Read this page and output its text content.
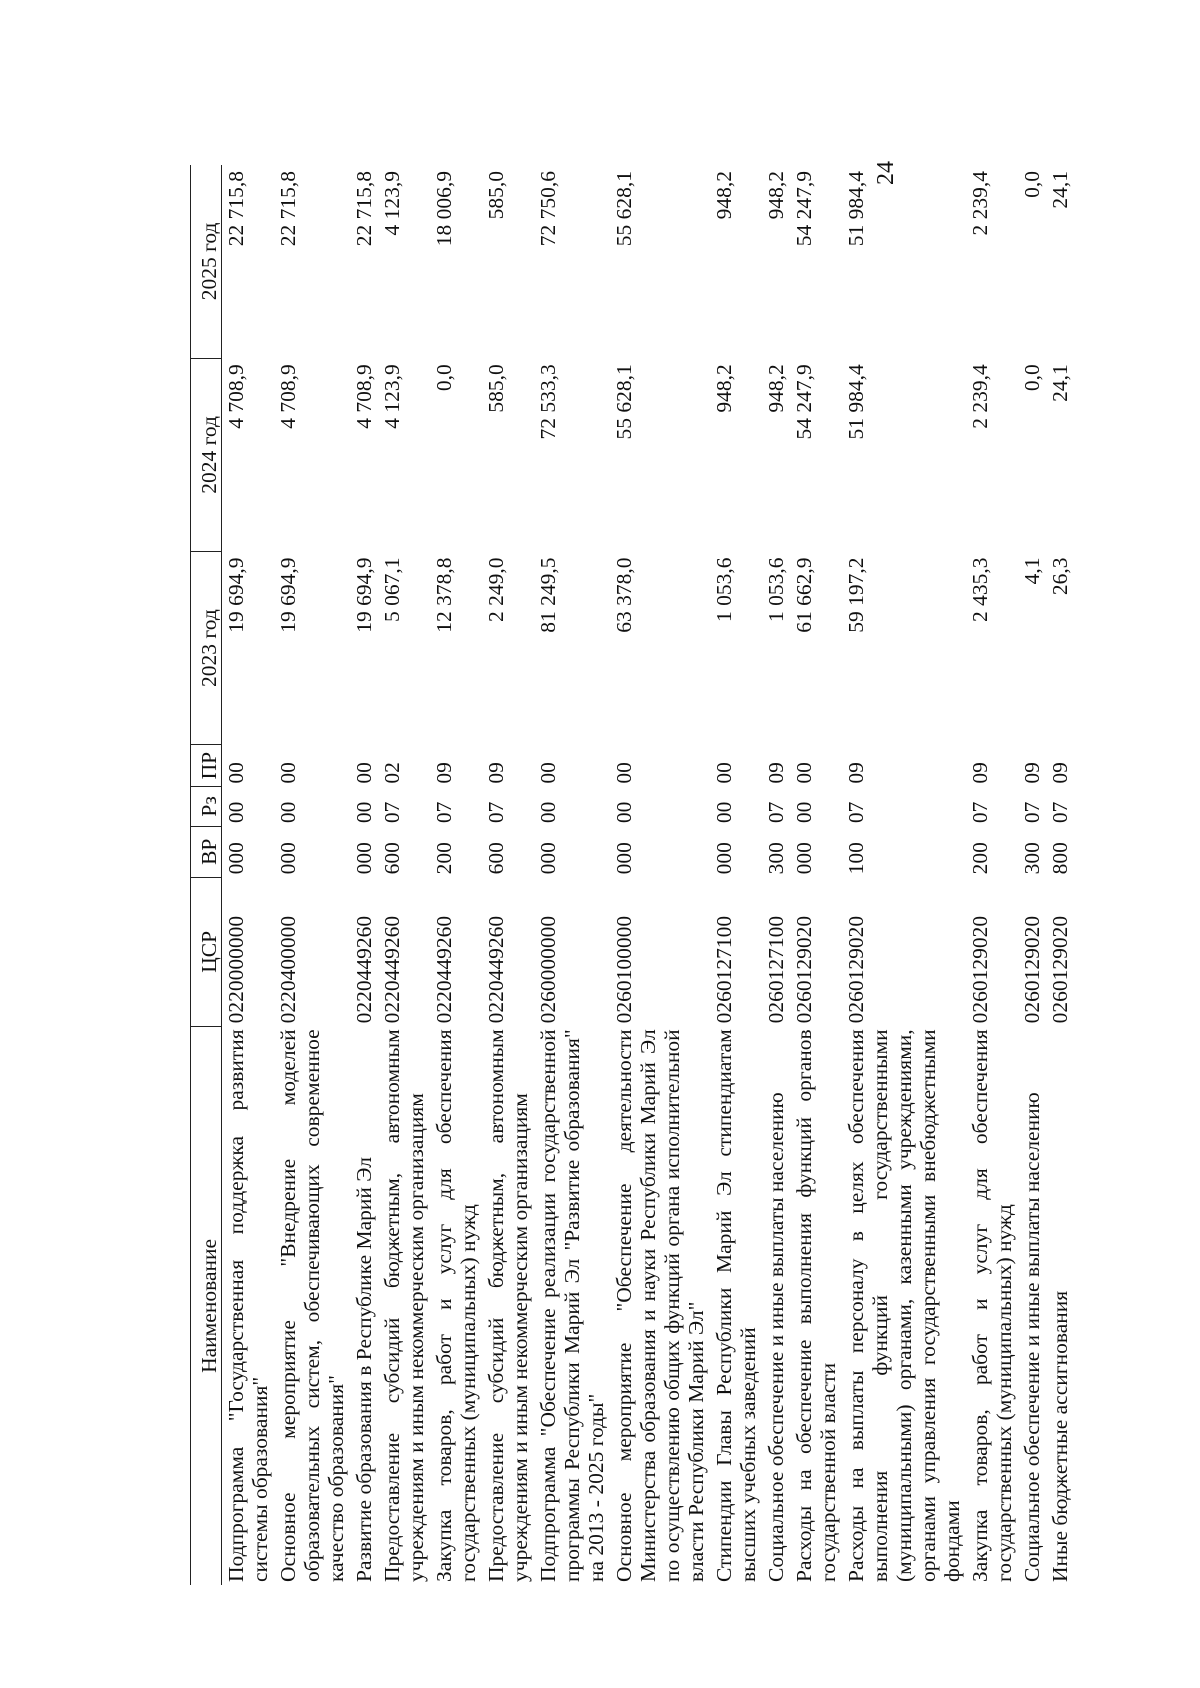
24
Наименование	ЦСР	ВР	Рз	ПР	2023 год	2024 год	2025 год
Подпрограмма "Государственная поддержка развития системы образования"	0220000000	000	00	00	19 694,9	4 708,9	22 715,8
Основное мероприятие "Внедрение моделей образовательных систем, обеспечивающих современное качество образования"	0220400000	000	00	00	19 694,9	4 708,9	22 715,8
Развитие образования в Республике Марий Эл	0220449260	000	00	00	19 694,9	4 708,9	22 715,8
Предоставление субсидий бюджетным, автономным учреждениям и иным некоммерческим организациям	0220449260	600	07	02	5 067,1	4 123,9	4 123,9
Закупка товаров, работ и услуг для обеспечения государственных (муниципальных) нужд	0220449260	200	07	09	12 378,8	0,0	18 006,9
Предоставление субсидий бюджетным, автономным учреждениям и иным некоммерческим организациям	0220449260	600	07	09	2 249,0	585,0	585,0
Подпрограмма "Обеспечение реализации государственной программы Республики Марий Эл "Развитие образования" на 2013 - 2025 годы"	0260000000	000	00	00	81 249,5	72 533,3	72 750,6
Основное мероприятие "Обеспечение деятельности Министерства образования и науки Республики Марий Эл по осуществлению общих функций органа исполнительной власти Республики Марий Эл"	0260100000	000	00	00	63 378,0	55 628,1	55 628,1
Стипендии Главы Республики Марий Эл стипендиатам высших учебных заведений	0260127100	000	00	00	1 053,6	948,2	948,2
Социальное обеспечение и иные выплаты населению	0260127100	300	07	09	1 053,6	948,2	948,2
Расходы на обеспечение выполнения функций органов государственной власти	0260129020	000	00	00	61 662,9	54 247,9	54 247,9
Расходы на выплаты персоналу в целях обеспечения выполнения функций государственными (муниципальными) органами, казенными учреждениями, органами управления государственными внебюджетными фондами	0260129020	100	07	09	59 197,2	51 984,4	51 984,4
Закупка товаров, работ и услуг для обеспечения государственных (муниципальных) нужд	0260129020	200	07	09	2 435,3	2 239,4	2 239,4
Социальное обеспечение и иные выплаты населению	0260129020	300	07	09	4,1	0,0	0,0
Иные бюджетные ассигнования	0260129020	800	07	09	26,3	24,1	24,1
